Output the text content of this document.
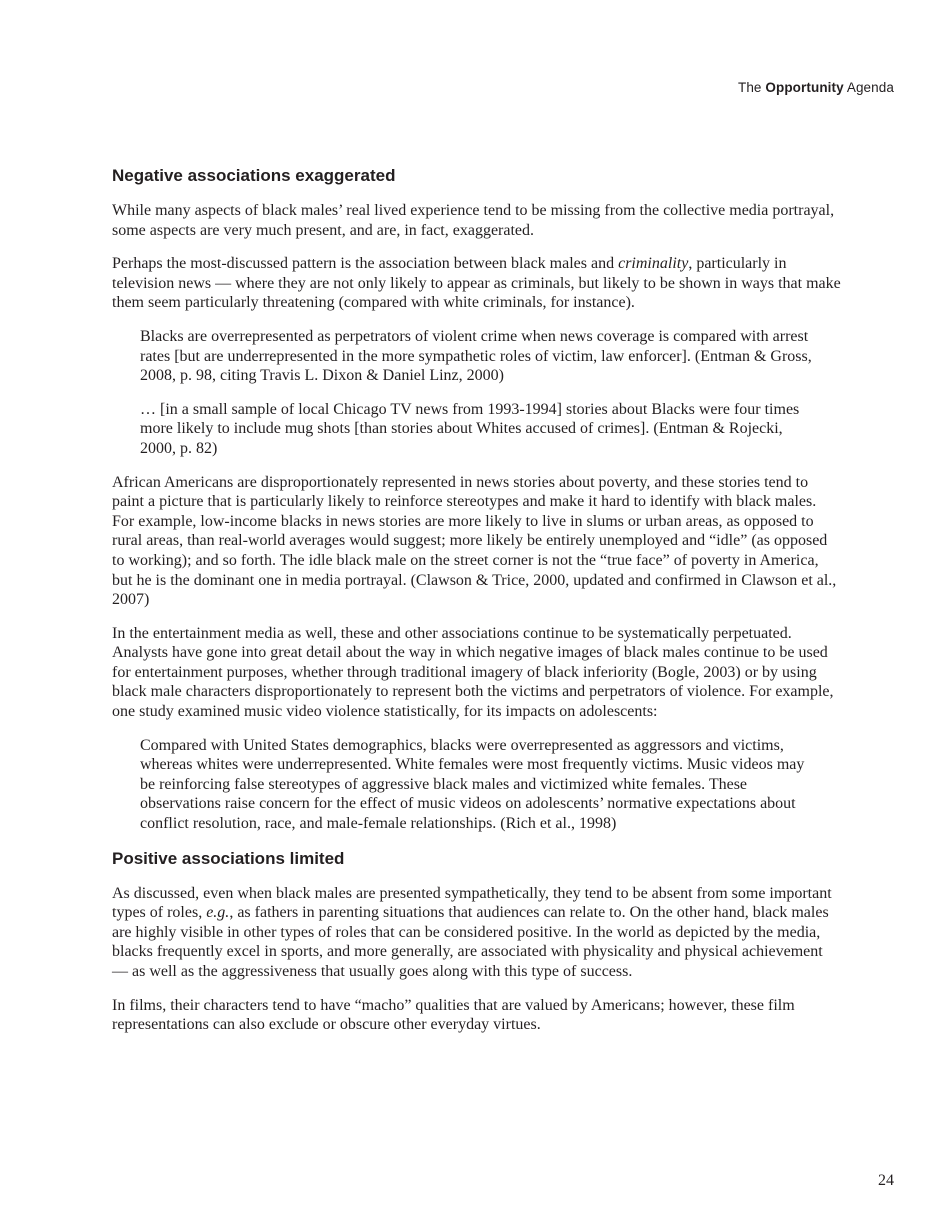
The Opportunity Agenda
Negative associations exaggerated

While many aspects of black males’ real lived experience tend to be missing from the collective media portrayal, some aspects are very much present, and are, in fact, exaggerated.

Perhaps the most-discussed pattern is the association between black males and criminality, particularly in television news — where they are not only likely to appear as criminals, but likely to be shown in ways that make them seem particularly threatening (compared with white criminals, for instance).

Blacks are overrepresented as perpetrators of violent crime when news coverage is compared with arrest rates [but are underrepresented in the more sympathetic roles of victim, law enforcer]. (Entman & Gross, 2008, p. 98, citing Travis L. Dixon & Daniel Linz, 2000)

… [in a small sample of local Chicago TV news from 1993-1994] stories about Blacks were four times more likely to include mug shots [than stories about Whites accused of crimes]. (Entman & Rojecki, 2000, p. 82)

African Americans are disproportionately represented in news stories about poverty, and these stories tend to paint a picture that is particularly likely to reinforce stereotypes and make it hard to identify with black males. For example, low-income blacks in news stories are more likely to live in slums or urban areas, as opposed to rural areas, than real-world averages would suggest; more likely be entirely unemployed and “idle” (as opposed to working); and so forth. The idle black male on the street corner is not the “true face” of poverty in America, but he is the dominant one in media portrayal. (Clawson & Trice, 2000, updated and confirmed in Clawson et al., 2007)

In the entertainment media as well, these and other associations continue to be systematically perpetuated. Analysts have gone into great detail about the way in which negative images of black males continue to be used for entertainment purposes, whether through traditional imagery of black inferiority (Bogle, 2003) or by using black male characters disproportionately to represent both the victims and perpetrators of violence. For example, one study examined music video violence statistically, for its impacts on adolescents:

Compared with United States demographics, blacks were overrepresented as aggressors and victims, whereas whites were underrepresented. White females were most frequently victims. Music videos may be reinforcing false stereotypes of aggressive black males and victimized white females. These observations raise concern for the effect of music videos on adolescents’ normative expectations about conflict resolution, race, and male-female relationships. (Rich et al., 1998)

Positive associations limited

As discussed, even when black males are presented sympathetically, they tend to be absent from some important types of roles, e.g., as fathers in parenting situations that audiences can relate to. On the other hand, black males are highly visible in other types of roles that can be considered positive. In the world as depicted by the media, blacks frequently excel in sports, and more generally, are associated with physicality and physical achievement — as well as the aggressiveness that usually goes along with this type of success.

In films, their characters tend to have “macho” qualities that are valued by Americans; however, these film representations can also exclude or obscure other everyday virtues.

24
